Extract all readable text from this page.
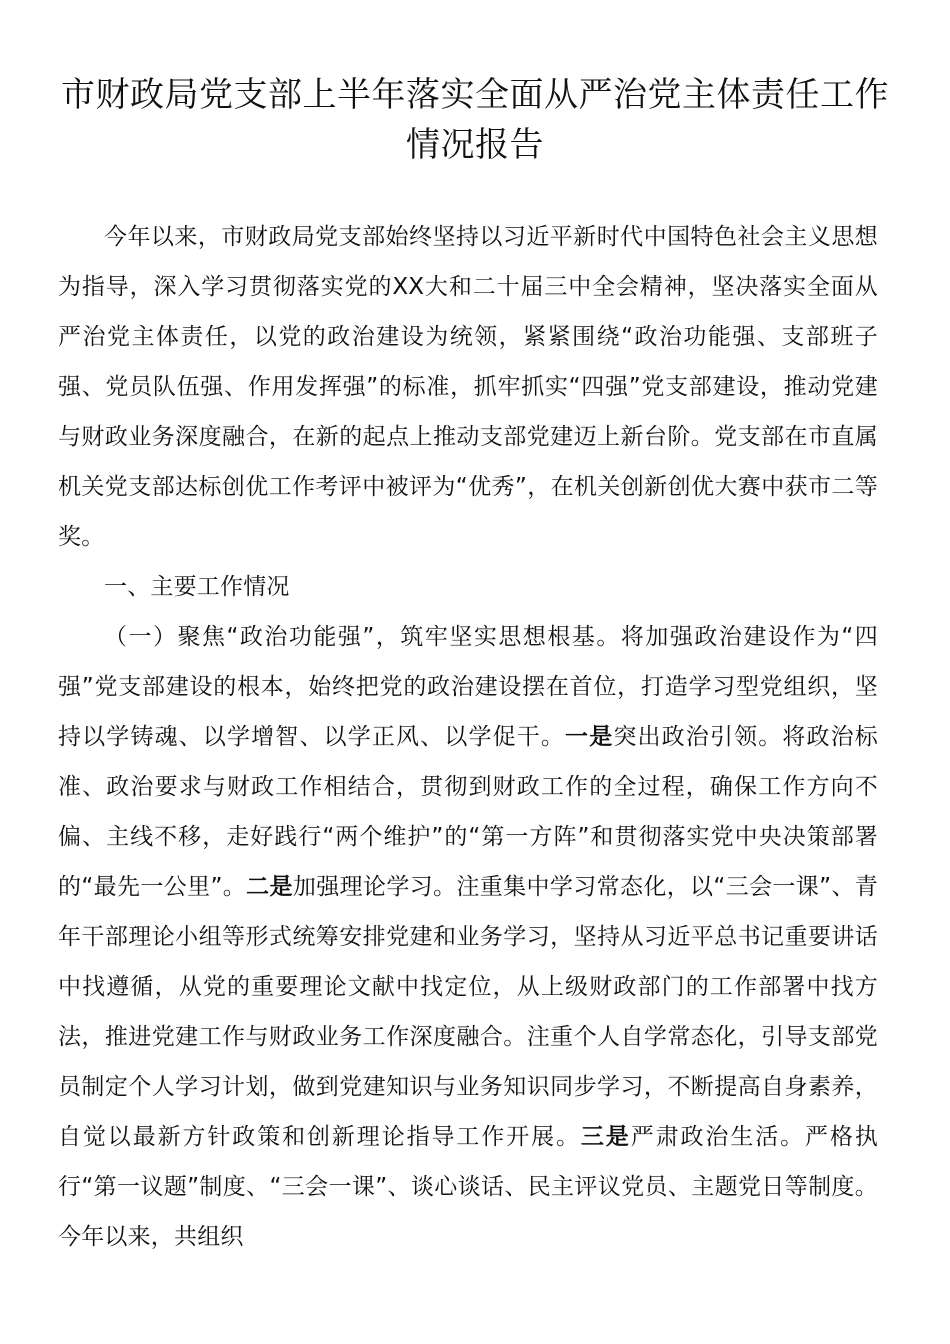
市财政局党支部上半年落实全面从严治党主体责任工作情况报告

今年以来，市财政局党支部始终坚持以习近平新时代中国特色社会主义思想为指导，深入学习贯彻落实党的XX大和二十届三中全会精神，坚决落实全面从严治党主体责任，以党的政治建设为统领，紧紧围绕“政治功能强、支部班子强、党员队伍强、作用发挥强”的标准，抓牢抓实“四强”党支部建设，推动党建与财政业务深度融合，在新的起点上推动支部党建迈上新台阶。党支部在市直属机关党支部达标创优工作考评中被评为“优秀”，在机关创新创优大赛中获市二等奖。

一、主要工作情况

（一）聚焦“政治功能强”，筑牢坚实思想根基。将加强政治建设作为“四强”党支部建设的根本，始终把党的政治建设摆在首位，打造学习型党组织，坚持以学铸魂、以学增智、以学正风、以学促干。一是突出政治引领。将政治标准、政治要求与财政工作相结合，贯彻到财政工作的全过程，确保工作方向不偏、主线不移，走好践行“两个维护”的“第一方阵”和贯彻落实党中央决策部署的“最先一公里”。二是加强理论学习。注重集中学习常态化，以“三会一课”、青年干部理论小组等形式统筹安排党建和业务学习，坚持从习近平总书记重要讲话中找遵循，从党的重要理论文献中找定位，从上级财政部门的工作部署中找方法，推进党建工作与财政业务工作深度融合。注重个人自学常态化，引导支部党员制定个人学习计划，做到党建知识与业务知识同步学习，不断提高自身素养，自觉以最新方针政策和创新理论指导工作开展。三是严肃政治生活。严格执行“第一议题”制度、“三会一课”、谈心谈话、民主评议党员、主题党日等制度。今年以来，共组织
